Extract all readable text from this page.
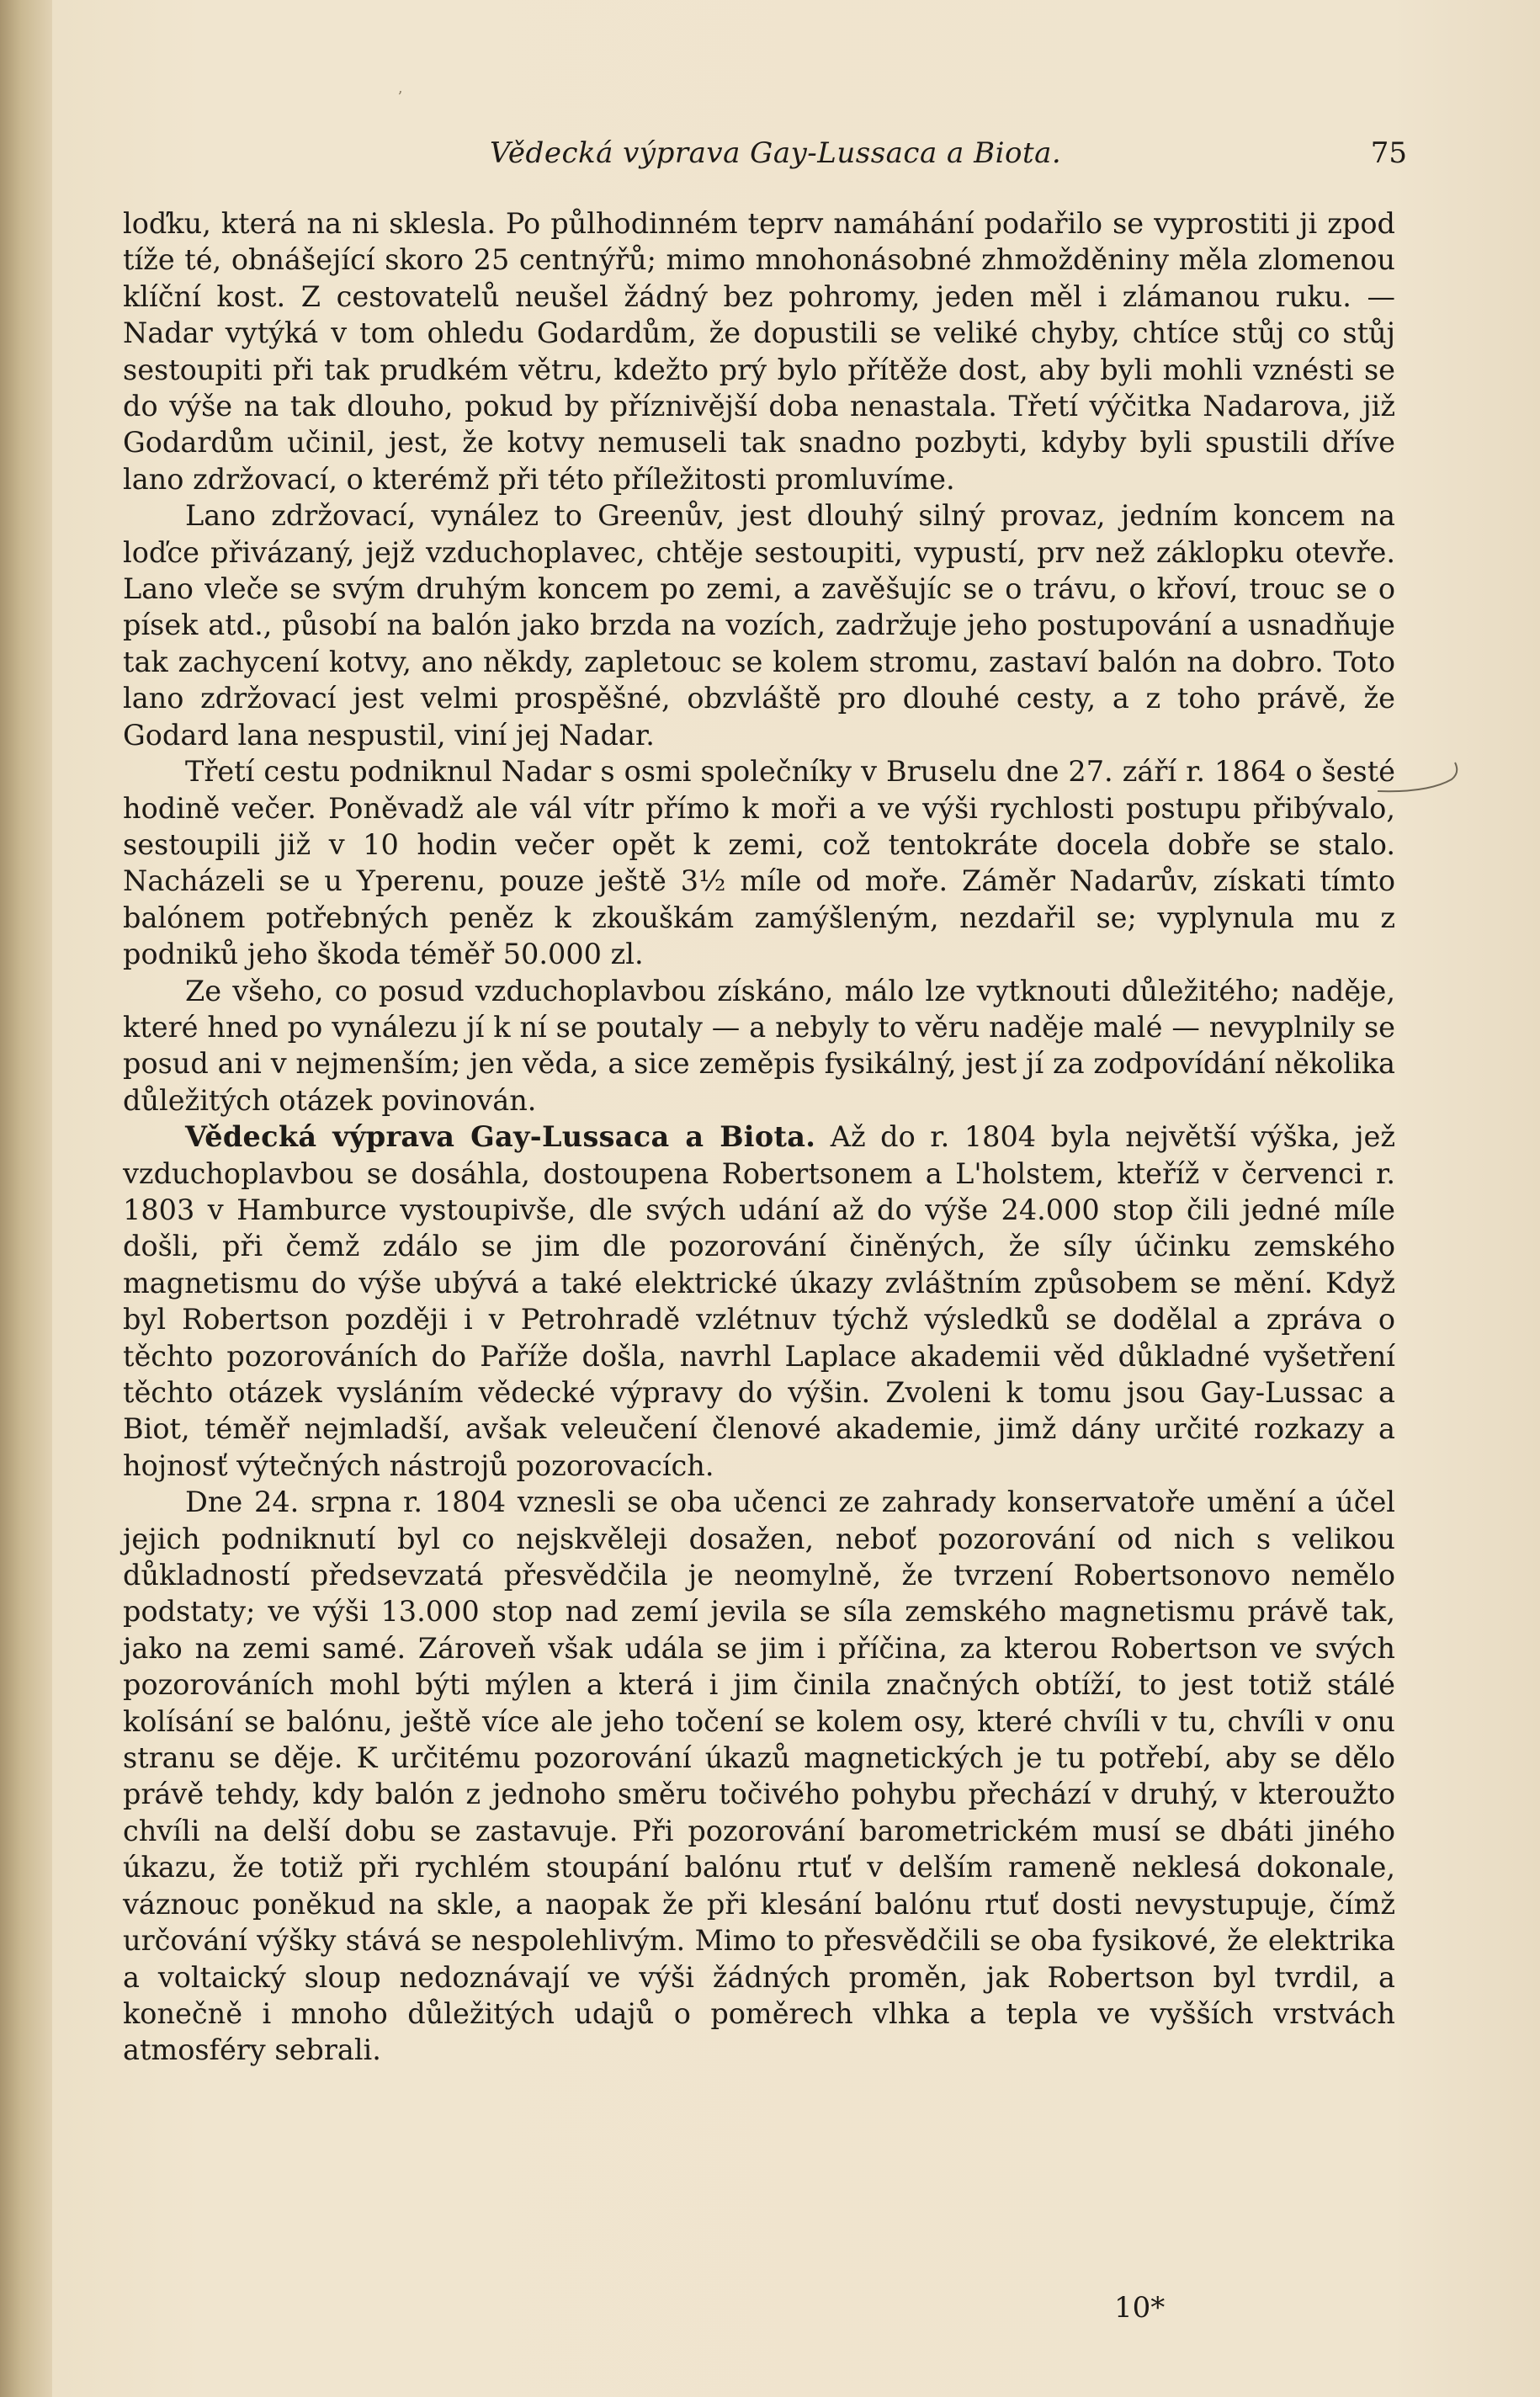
ʼ
Vědecká výprava Gay-Lussaca a Biota.	75

loďku, která na ni sklesla. Po půlhodinném teprv namáhání podařilo se vyprostiti ji zpod tíže té, obnášející skoro 25 centnýřů; mimo mnohonásobné zhmožděniny měla zlomenou klíční kost. Z cestovatelů neušel žádný bez pohromy, jeden měl i zlámanou ruku. — Nadar vytýká v tom ohledu Godardům, že dopustili se veliké chyby, chtíce stůj co stůj sestoupiti při tak prudkém větru, kdežto prý bylo přítěže dost, aby byli mohli vznésti se do výše na tak dlouho, pokud by příznivější doba nenastala. Třetí výčitka Nadarova, již Godardům učinil, jest, že kotvy nemuseli tak snadno pozbyti, kdyby byli spustili dříve lano zdržovací, o kterémž při této příležitosti promluvíme.

Lano zdržovací, vynález to Greenův, jest dlouhý silný provaz, jedním koncem na loďce přivázaný, jejž vzduchoplavec, chtěje sestoupiti, vypustí, prv než záklopku otevře. Lano vleče se svým druhým koncem po zemi, a zavěšujíc se o trávu, o křoví, trouc se o písek atd., působí na balón jako brzda na vozích, zadržuje jeho postupování a usnadňuje tak zachycení kotvy, ano někdy, zapletouc se kolem stromu, zastaví balón na dobro. Toto lano zdržovací jest velmi prospěšné, obzvláště pro dlouhé cesty, a z toho právě, že Godard lana nespustil, viní jej Nadar.

Třetí cestu podniknul Nadar s osmi společníky v Bruselu dne 27. září r. 1864 o šesté hodině večer. Poněvadž ale vál vítr přímo k moři a ve výši rychlosti postupu přibývalo, sestoupili již v 10 hodin večer opět k zemi, což tentokráte docela dobře se stalo. Nacházeli se u Yperenu, pouze ještě 3½ míle od moře. Záměr Nadarův, získati tímto balónem potřebných peněz k zkouškám zamýšleným, nezdařil se; vyplynula mu z podniků jeho škoda téměř 50.000 zl.

Ze všeho, co posud vzduchoplavbou získáno, málo lze vytknouti důležitého; naděje, které hned po vynálezu jí k ní se poutaly — a nebyly to věru naděje malé — nevyplnily se posud ani v nejmenším; jen věda, a sice zeměpis fysikálný, jest jí za zodpovídání několika důležitých otázek povinován.

Vědecká výprava Gay-Lussaca a Biota. Až do r. 1804 byla největší výška, jež vzduchoplavbou se dosáhla, dostoupena Robertsonem a L'holstem, kteříž v červenci r. 1803 v Hamburce vystoupivše, dle svých udání až do výše 24.000 stop čili jedné míle došli, při čemž zdálo se jim dle pozorování činěných, že síly účinku zemského magnetismu do výše ubývá a také elektrické úkazy zvláštním způsobem se mění. Když byl Robertson později i v Petrohradě vzlétnuv týchž výsledků se dodělal a zpráva o těchto pozorováních do Paříže došla, navrhl Laplace akademii věd důkladné vyšetření těchto otázek vysláním vědecké výpravy do výšin. Zvoleni k tomu jsou Gay-Lussac a Biot, téměř nejmladší, avšak veleučení členové akademie, jimž dány určité rozkazy a hojnosť výtečných nástrojů pozorovacích.

Dne 24. srpna r. 1804 vznesli se oba učenci ze zahrady konservatoře umění a účel jejich podniknutí byl co nejskvěleji dosažen, neboť pozorování od nich s velikou důkladností předsevzatá přesvědčila je neomylně, že tvrzení Robertsonovo nemělo podstaty; ve výši 13.000 stop nad zemí jevila se síla zemského magnetismu právě tak, jako na zemi samé. Zároveň však udála se jim i příčina, za kterou Robertson ve svých pozorováních mohl býti mýlen a která i jim činila značných obtíží, to jest totiž stálé kolísání se balónu, ještě více ale jeho točení se kolem osy, které chvíli v tu, chvíli v onu stranu se děje. K určitému pozorování úkazů magnetických je tu potřebí, aby se dělo právě tehdy, kdy balón z jednoho směru točivého pohybu přechází v druhý, v kteroužto chvíli na delší dobu se zastavuje. Při pozorování barometrickém musí se dbáti jiného úkazu, že totiž při rychlém stoupání balónu rtuť v delším rameně neklesá dokonale, váznouc poněkud na skle, a naopak že při klesání balónu rtuť dosti nevystupuje, čímž určování výšky stává se nespolehlivým. Mimo to přesvědčili se oba fysikové, že elektrika a voltaický sloup nedoznávají ve výši žádných proměn, jak Robertson byl tvrdil, a konečně i mnoho důležitých udajů o poměrech vlhka a tepla ve vyšších vrstvách atmosféry sebrali.

10*
